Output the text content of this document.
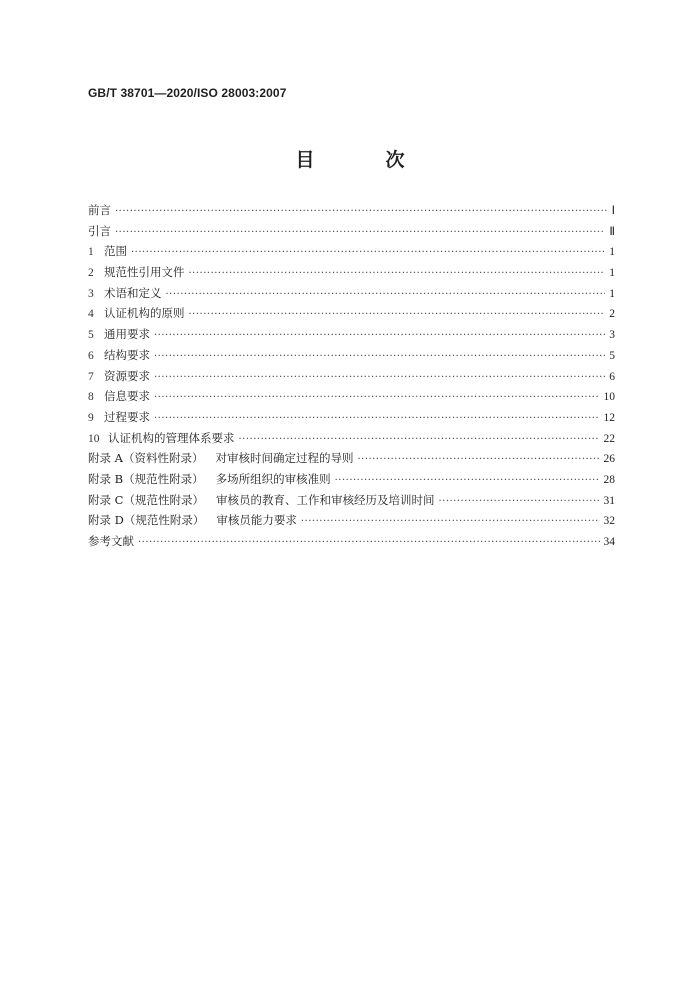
GB/T 38701—2020/ISO 28003:2007
目　次
前言 ·····	Ⅰ
引言 ·····	Ⅱ
1 范围 ·····	1
2 规范性引用文件 ·····	1
3 术语和定义 ·····	1
4 认证机构的原则 ·····	2
5 通用要求 ·····	3
6 结构要求 ·····	5
7 资源要求 ·····	6
8 信息要求 ·····	10
9 过程要求 ·····	12
10 认证机构的管理体系要求 ·····	22
附录 A（资料性附录） 对审核时间确定过程的导则 ·····	26
附录 B（规范性附录） 多场所组织的审核准则 ·····	28
附录 C（规范性附录） 审核员的教育、工作和审核经历及培训时间 ·····	31
附录 D（规范性附录） 审核员能力要求 ·····	32
参考文献 ·····	34
